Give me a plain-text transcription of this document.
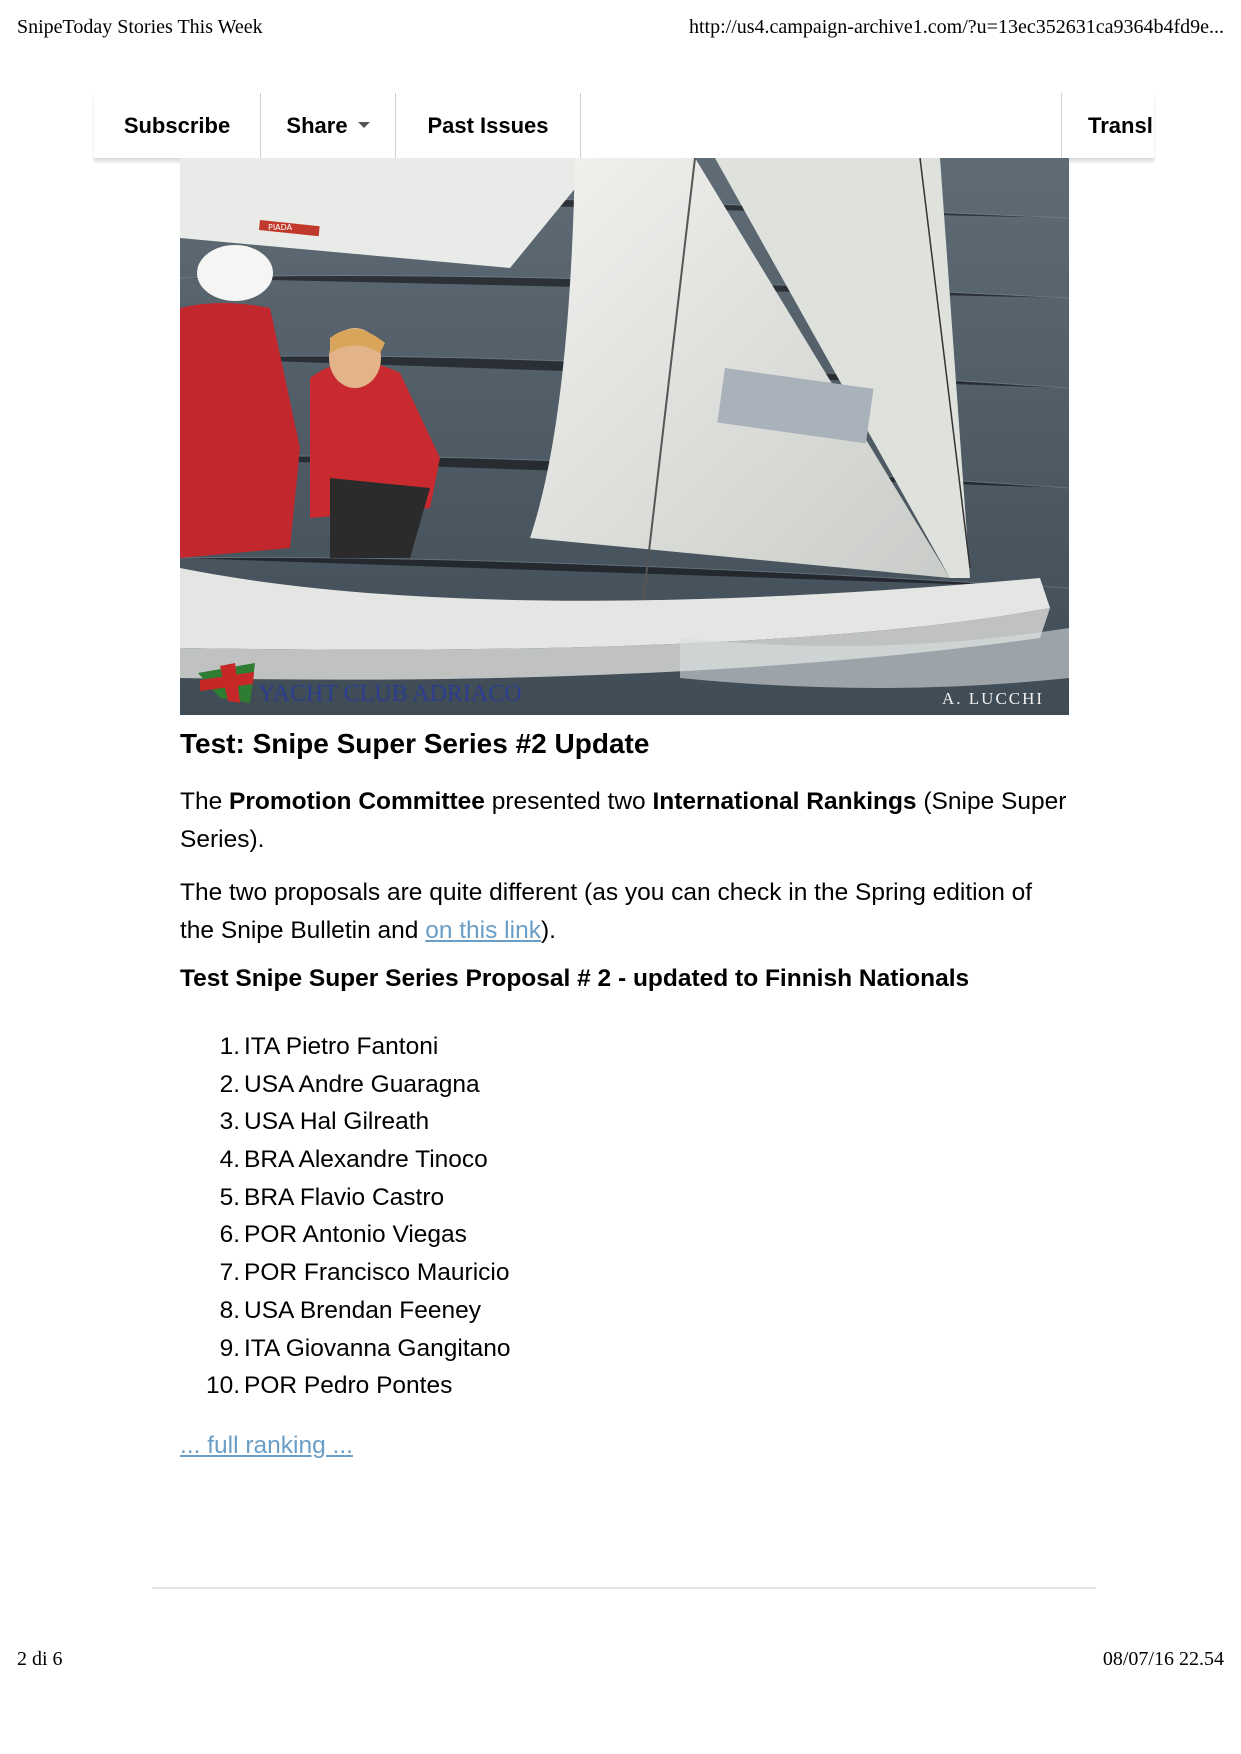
SnipeToday Stories This Week	http://us4.campaign-archive1.com/?u=13ec352631ca9364b4fd9e...
Subscribe	Share	Past Issues	Transl
PIADA
YACHT CLUB ADRIACO	A. LUCCHI
Test: Snipe Super Series #2 Update

The Promotion Committee presented two International Rankings (Snipe Super Series).

The two proposals are quite different (as you can check in the Spring edition of the Snipe Bulletin and on this link).

Test Snipe Super Series Proposal # 2 - updated to Finnish Nationals
1. ITA Pietro Fantoni
2. USA Andre Guaragna
3. USA Hal Gilreath
4. BRA Alexandre Tinoco
5. BRA Flavio Castro
6. POR Antonio Viegas
7. POR Francisco Mauricio
8. USA Brendan Feeney
9. ITA Giovanna Gangitano
10. POR Pedro Pontes
... full ranking ...
2 di 6	08/07/16 22.54
